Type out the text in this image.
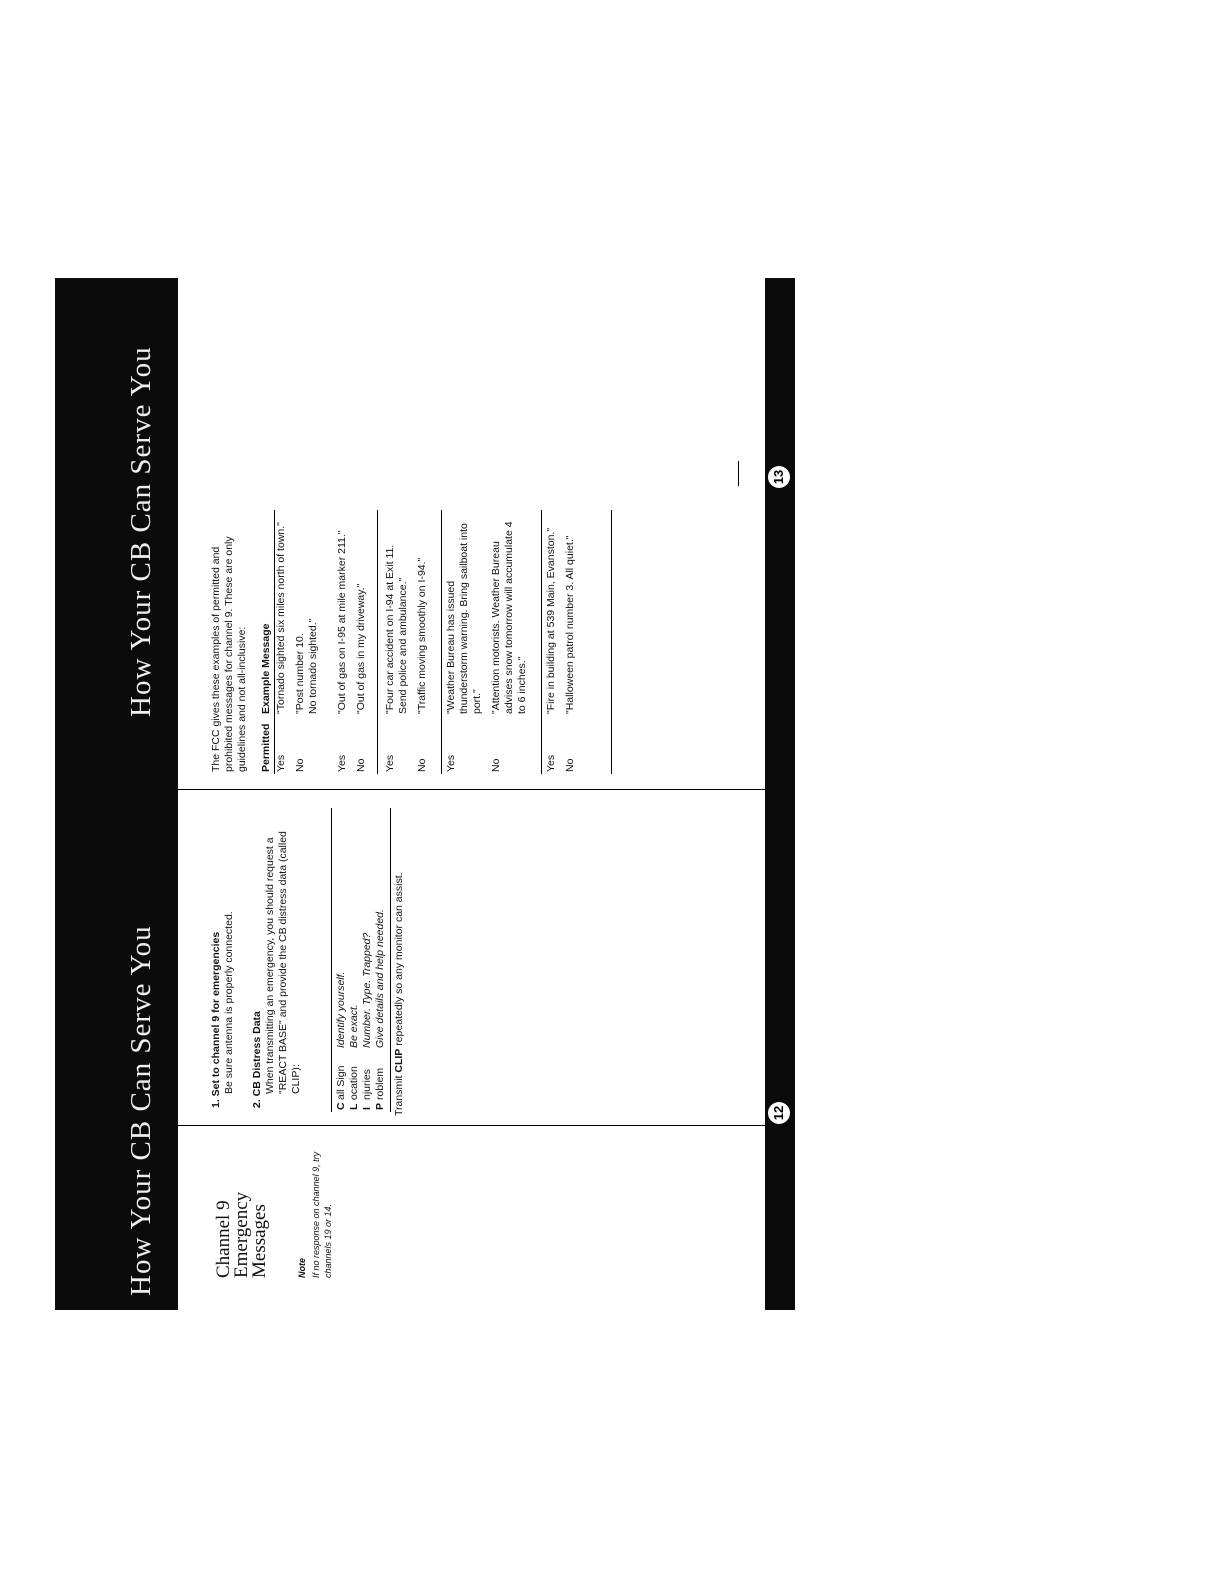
How Your CB Can Serve You
How Your CB Can Serve You
12
13
Channel 9 Emergency Messages	Note If no response on channel 9, try channels 19 or 14.
1. Set to channel 9 for emergencies Be sure antenna is properly connected. 2. CB Distress Data When transmitting an emergency, you should request a "REACT BASE" and provide the CB distress data (called CLIP):
C
all Sign
Identify yourself.
L
ocation
Be exact.
I
njuries
Number. Type. Trapped?
P
roblem
Give details and help needed.
Transmit CLIP repeatedly so any monitor can assist.
The FCC gives these examples of permitted and prohibited messages for channel 9. These are only guidelines and not all-inclusive: Permitted
Example Message
Yes
"Tornado sighted six miles north of town."
No
"Post number 10.
No tornado sighted."
Yes
"Out of gas on I-95 at mile marker 211."
No
"Out of gas in my driveway."
Yes
"Four car accident on I-94 at Exit 11. Send police and ambulance."
No
"Traffic moving smoothly on I-94."
Yes
"Weather Bureau has issued thunderstorm warning. Bring sailboat into port."
No
"Attention motorists. Weather Bureau advises snow tomorrow will accumulate 4 to 6 inches."
Yes
"Fire in building at 539 Main, Evanston."
No
"Halloween patrol number 3. All quiet."
